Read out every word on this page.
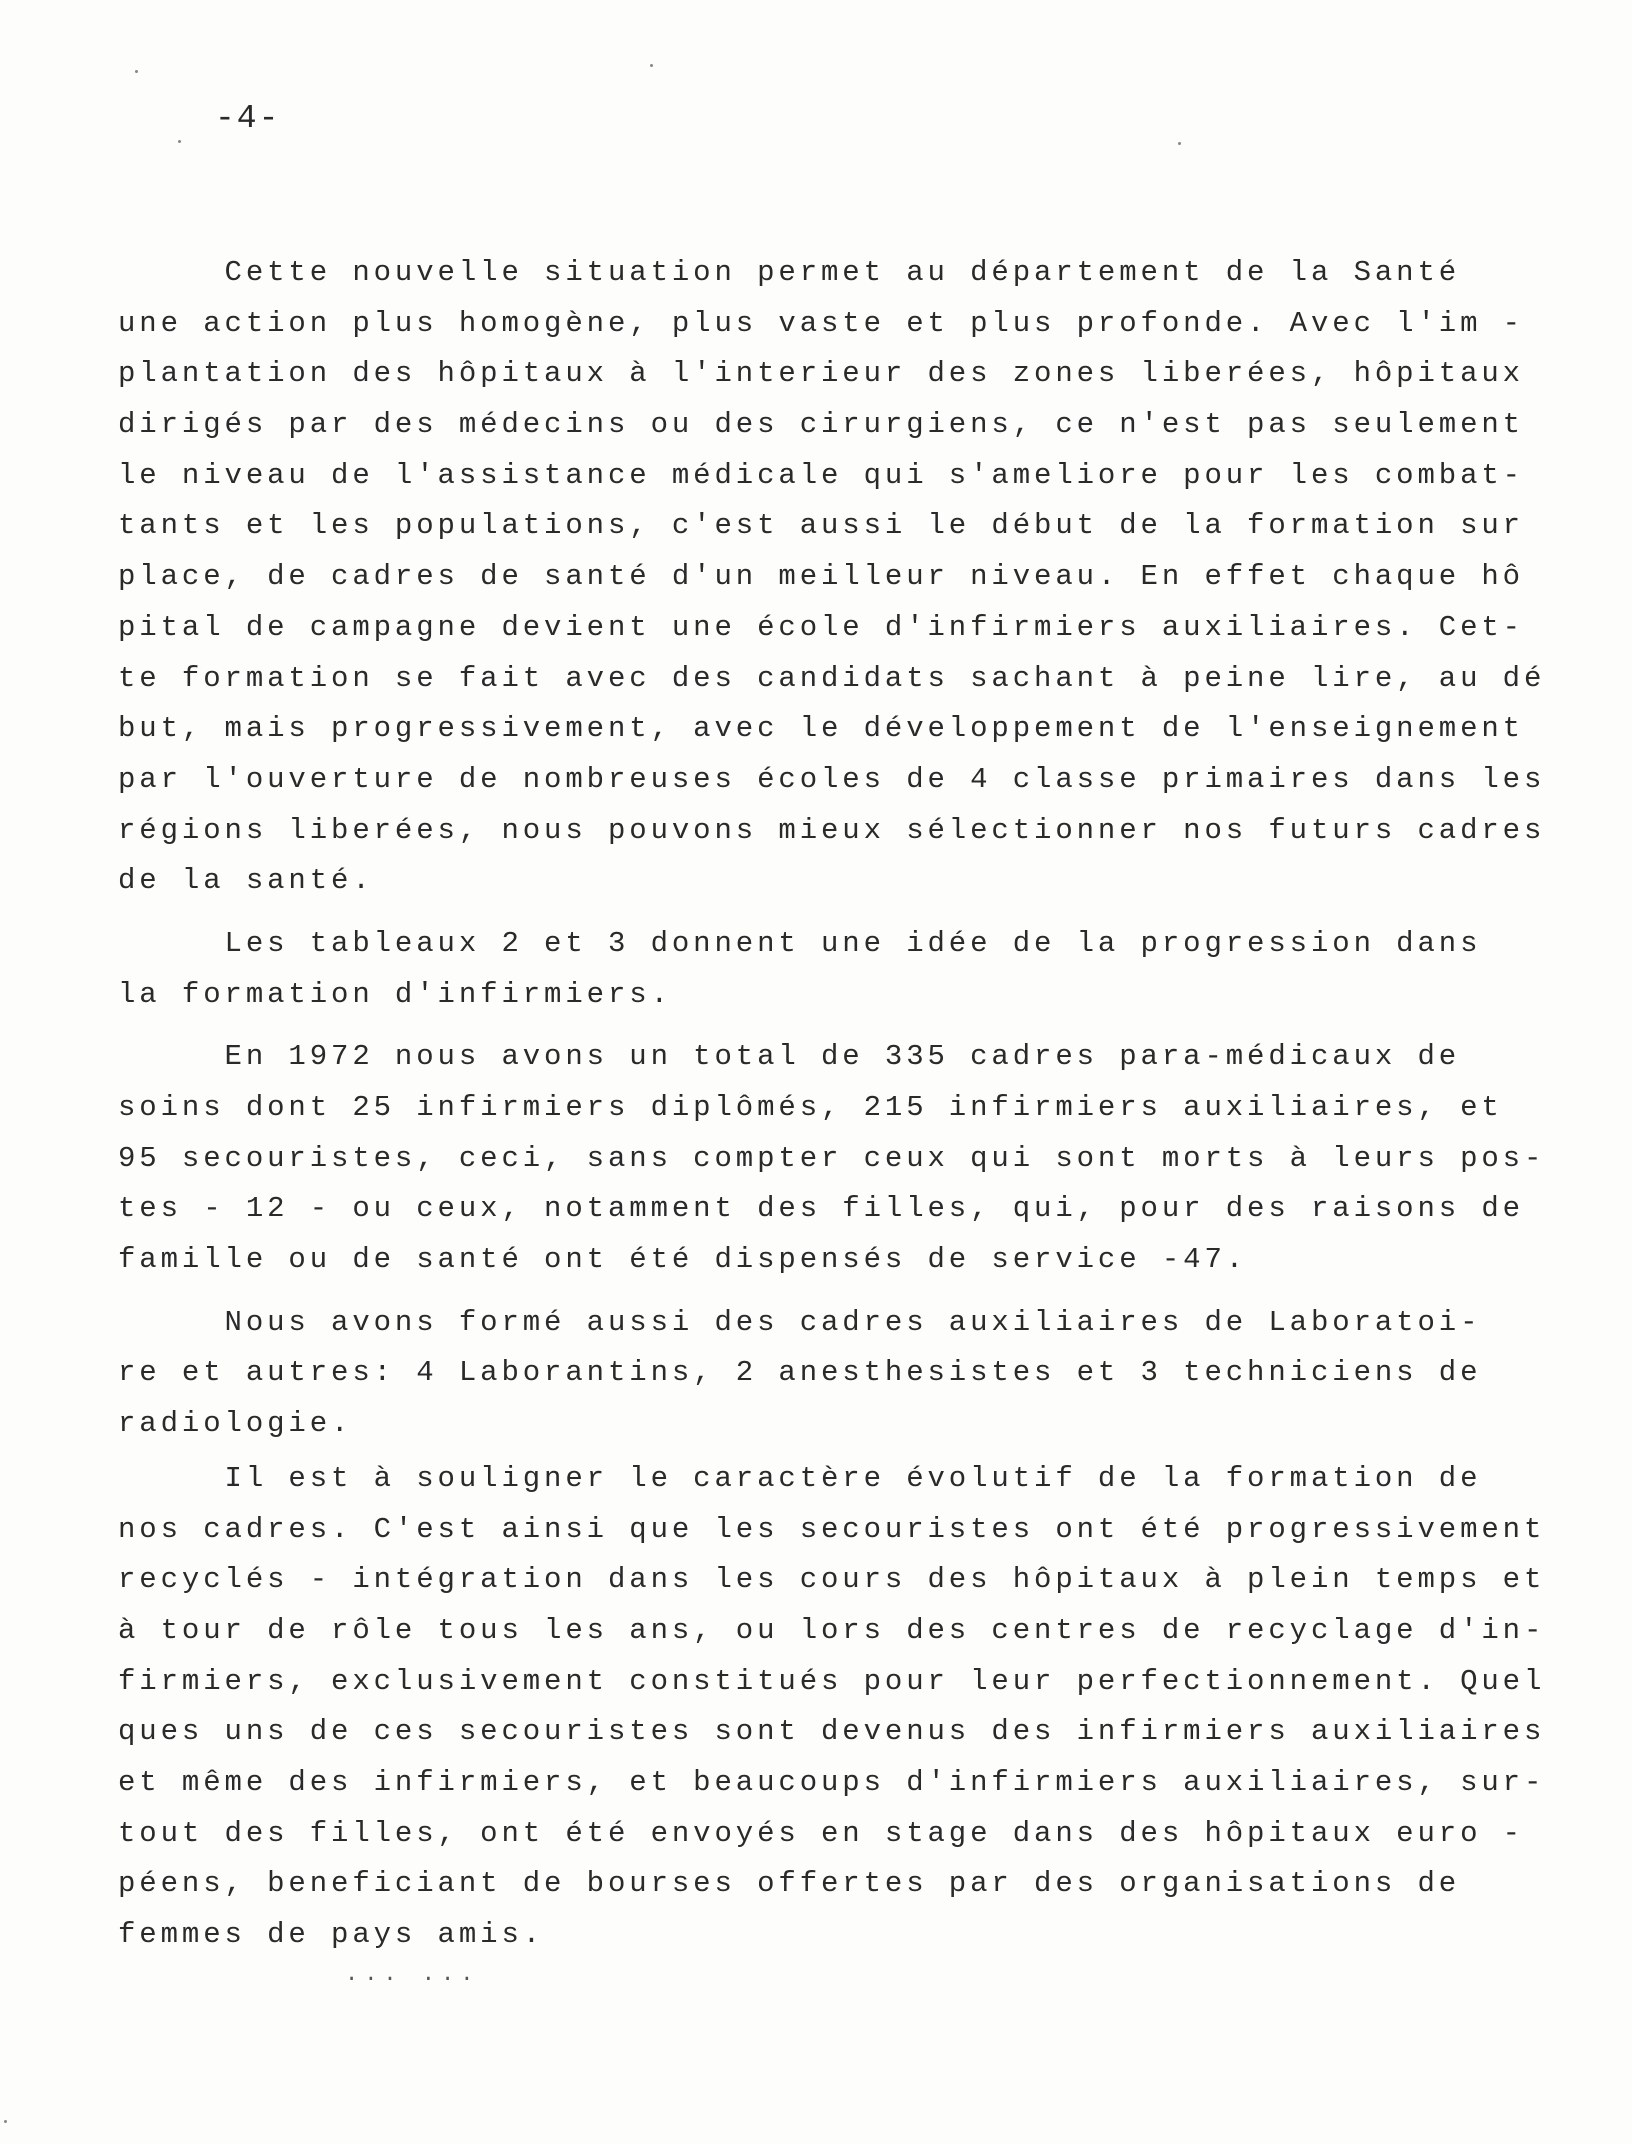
-4-
Cette nouvelle situation permet au département de la Santé
une action plus homogène, plus vaste et plus profonde. Avec l'im -
plantation des hôpitaux à l'interieur des zones liberées, hôpitaux
dirigés par des médecins ou des cirurgiens, ce n'est pas seulement
le niveau de l'assistance médicale qui s'ameliore pour les combat-
tants et les populations, c'est aussi le début de la formation sur
place, de cadres de santé d'un meilleur niveau. En effet chaque hô
pital de campagne devient une école d'infirmiers auxiliaires. Cet-
te formation se fait avec des candidats sachant à peine lire, au dé
but, mais progressivement, avec le développement de l'enseignement
par l'ouverture de nombreuses écoles de 4 classe primaires dans les
régions liberées, nous pouvons mieux sélectionner nos futurs cadres
de la santé.
Les tableaux 2 et 3 donnent une idée de la progression dans
la formation d'infirmiers.
En 1972 nous avons un total de 335 cadres para-médicaux de
soins dont 25 infirmiers diplômés, 215 infirmiers auxiliaires, et
95 secouristes, ceci, sans compter ceux qui sont morts à leurs pos-
tes - 12 - ou ceux, notamment des filles, qui, pour des raisons de
famille ou de santé ont été dispensés de service -47.
Nous avons formé aussi des cadres auxiliaires de Laboratoi-
re et autres: 4 Laborantins, 2 anesthesistes et 3 techniciens de
radiologie.
Il est à souligner le caractère évolutif de la formation de
nos cadres. C'est ainsi que les secouristes ont été progressivement
recyclés - intégration dans les cours des hôpitaux à plein temps et
à tour de rôle tous les ans, ou lors des centres de recyclage d'in-
firmiers, exclusivement constitués pour leur perfectionnement. Quel
ques uns de ces secouristes sont devenus des infirmiers auxiliaires
et même des infirmiers, et beaucoups d'infirmiers auxiliaires, sur-
tout des filles, ont été envoyés en stage dans des hôpitaux euro -
péens, beneficiant de bourses offertes par des organisations de
femmes de pays amis.
... ...
